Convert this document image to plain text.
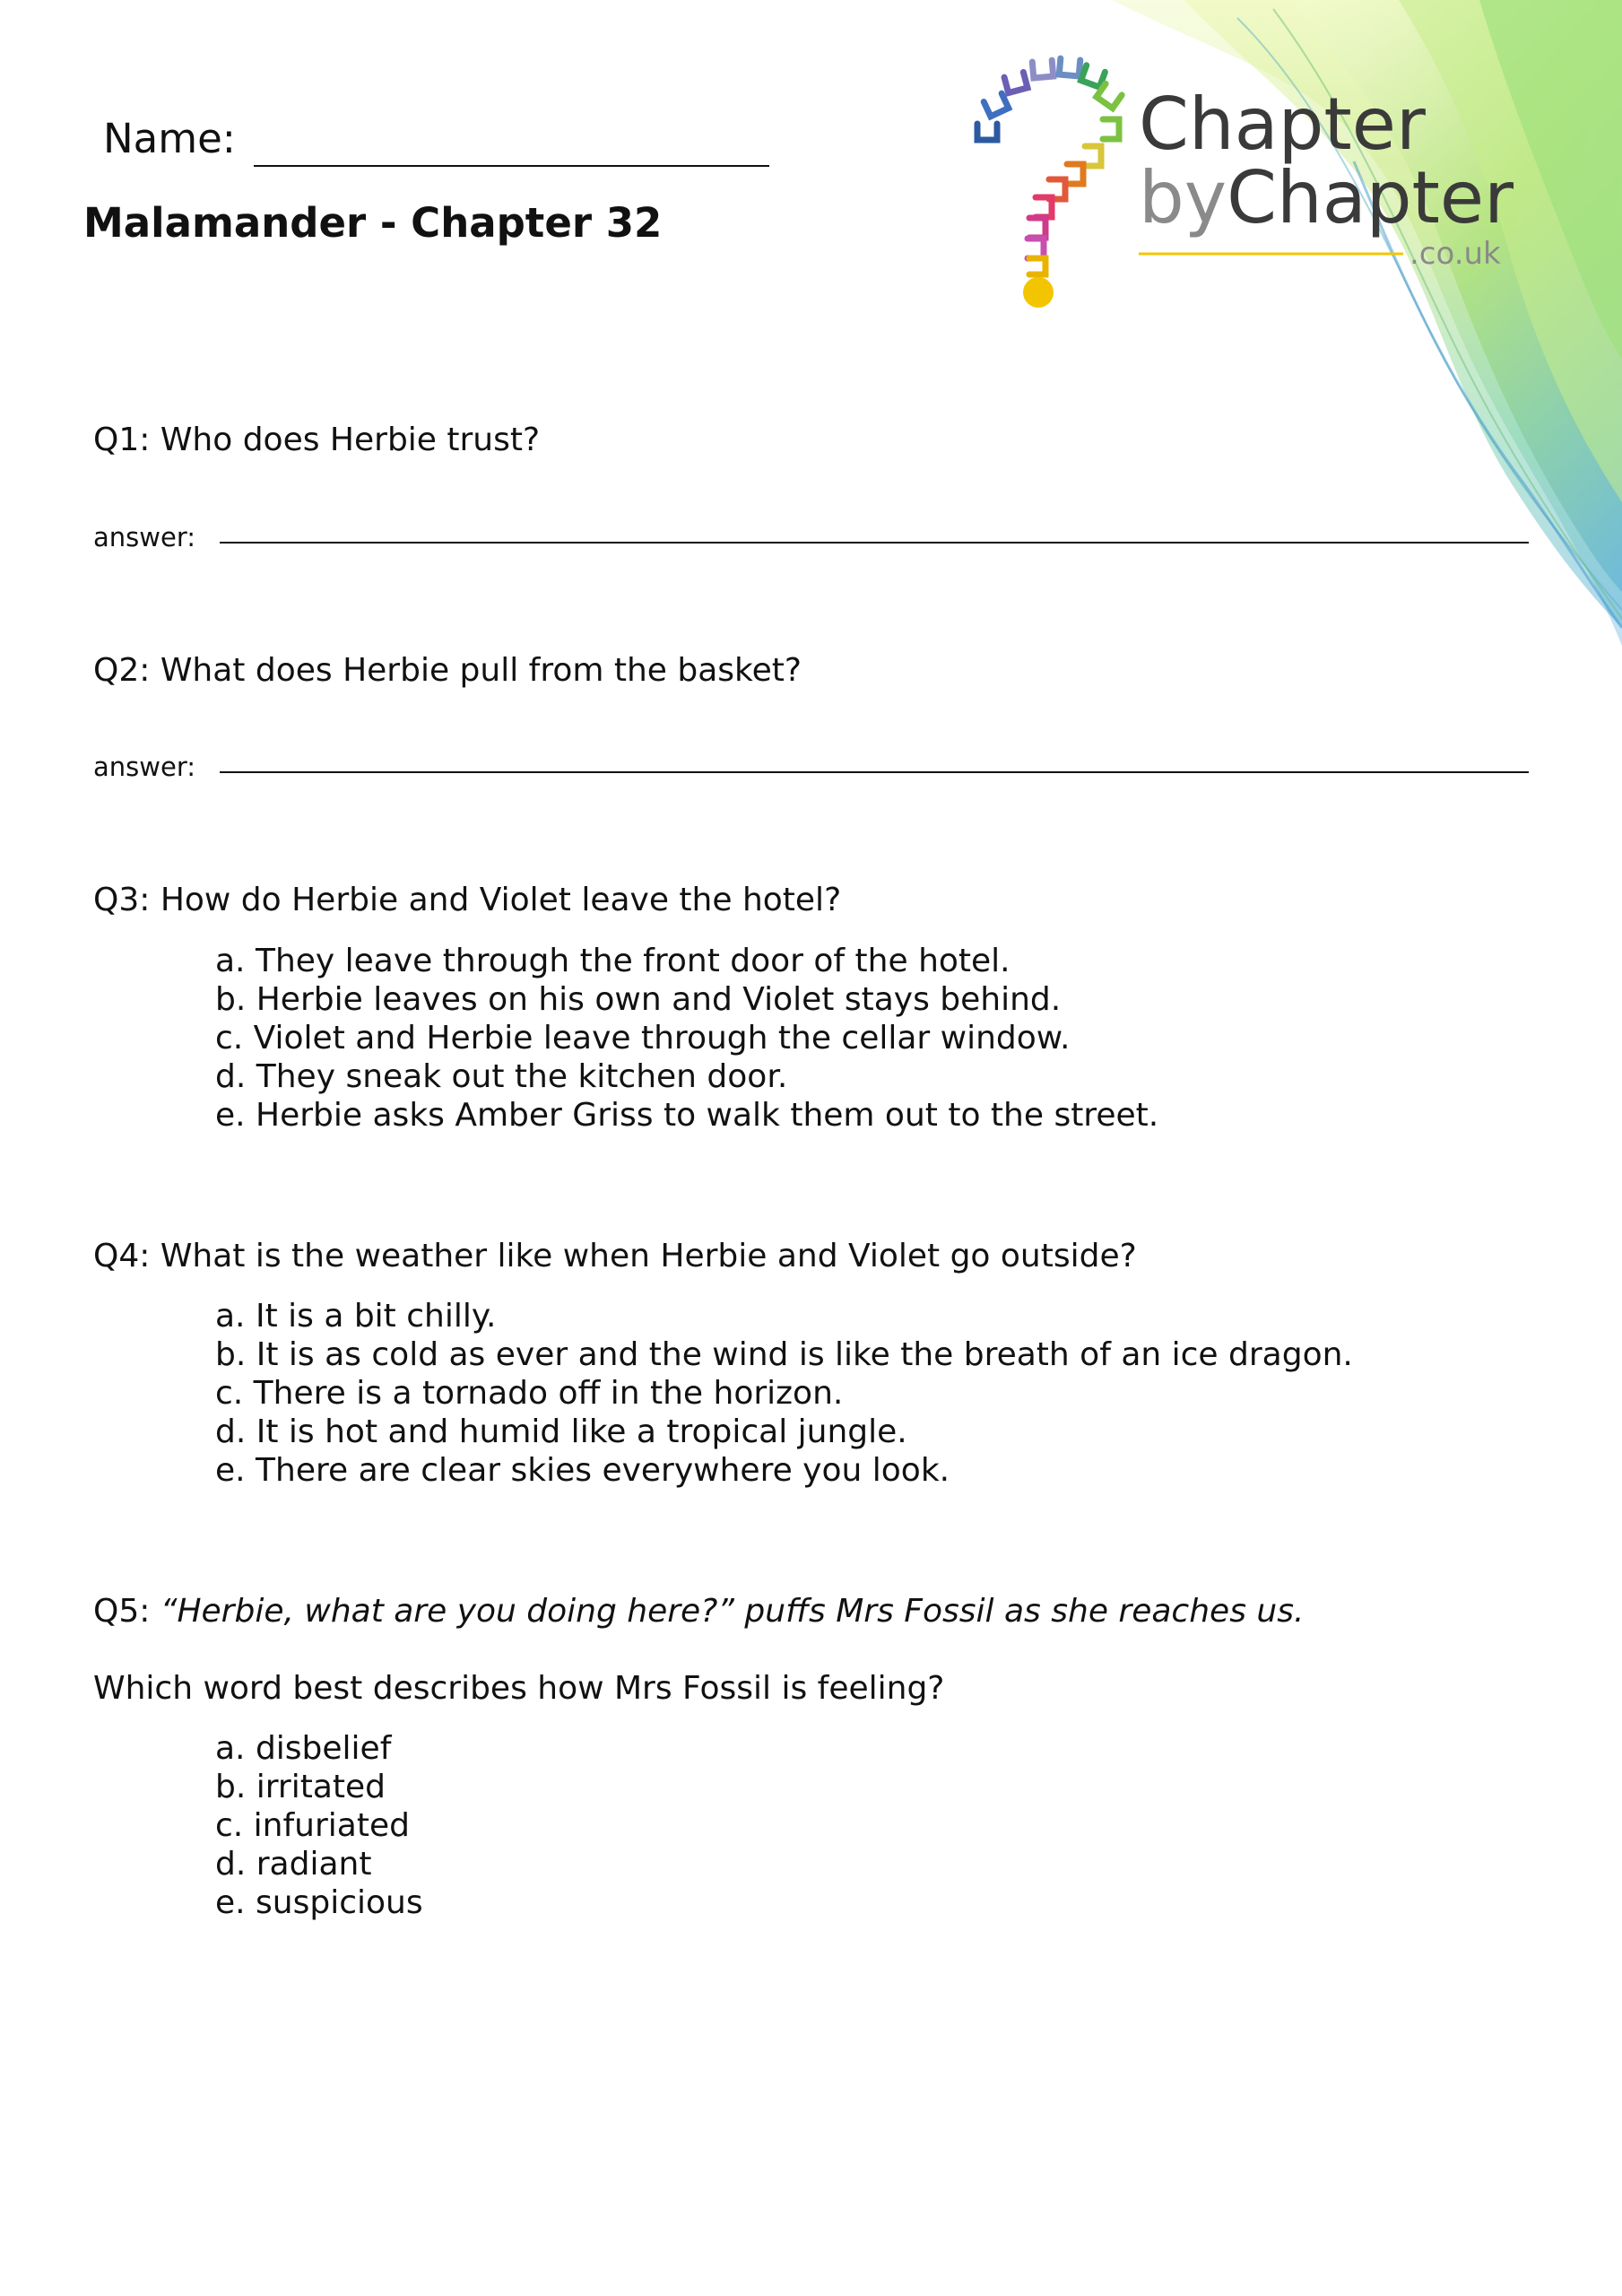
Name:
Malamander - Chapter 32
Chapter
byChapter
.co.uk
Q1: Who does Herbie trust?
answer:
Q2: What does Herbie pull from the basket?
answer:
Q3: How do Herbie and Violet leave the hotel?
a. They leave through the front door of the hotel.
b. Herbie leaves on his own and Violet stays behind.
c. Violet and Herbie leave through the cellar window.
d. They sneak out the kitchen door.
e. Herbie asks Amber Griss to walk them out to the street.
Q4: What is the weather like when Herbie and Violet go outside?
a. It is a bit chilly.
b. It is as cold as ever and the wind is like the breath of an ice dragon.
c. There is a tornado off in the horizon.
d. It is hot and humid like a tropical jungle.
e. There are clear skies everywhere you look.
Q5: “Herbie, what are you doing here?” puffs Mrs Fossil as she reaches us.
Which word best describes how Mrs Fossil is feeling?
a. disbelief
b. irritated
c. infuriated
d. radiant
e. suspicious
